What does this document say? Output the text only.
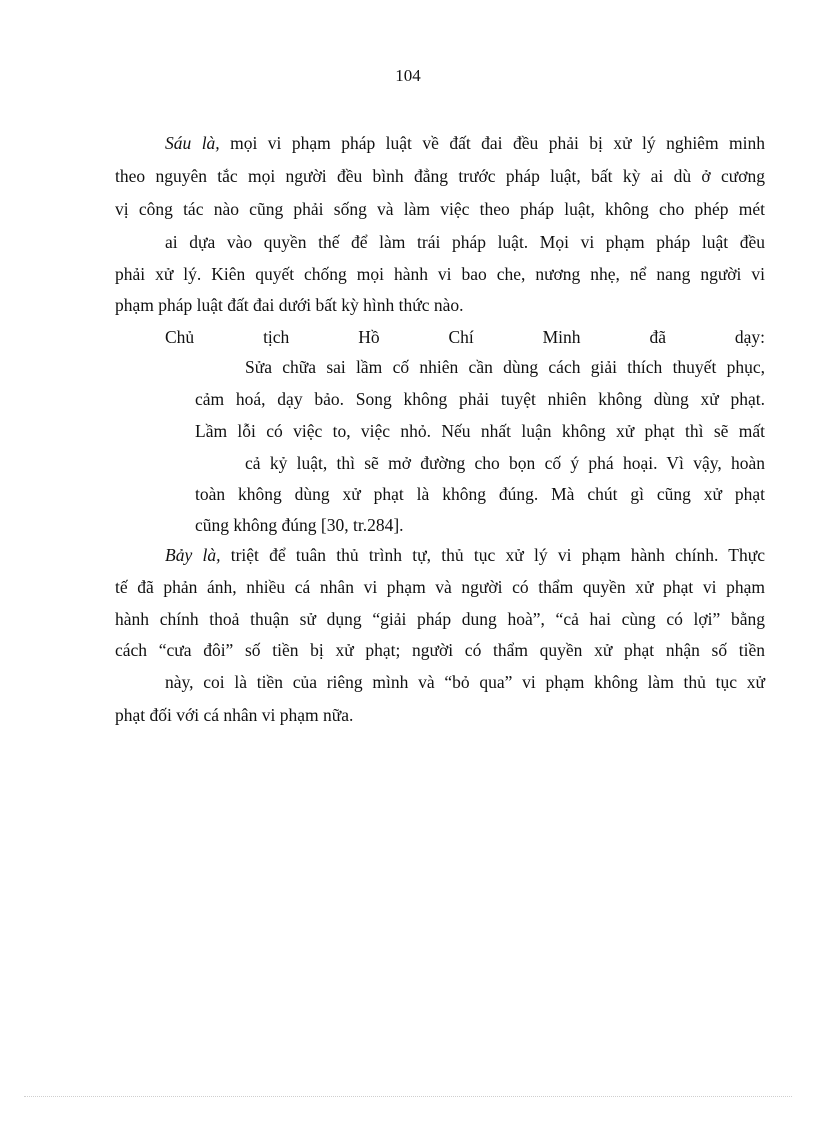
104
Sáu là, mọi vi phạm pháp luật về đất đai đều phải bị xử lý nghiêm minh
theo nguyên tắc mọi người đều bình đẳng trước pháp luật, bất kỳ ai dù ở cương
vị công tác nào cũng phải sống và làm việc theo pháp luật, không cho phép mét
ai dựa vào quyền thế để làm trái pháp luật. Mọi vi phạm pháp luật đều
phải xử lý. Kiên quyết chống mọi hành vi bao che, nương nhẹ, nể nang người vi
phạm pháp luật đất đai dưới bất kỳ hình thức nào.
Chủ	tịch	Hồ	Chí	Minh	đã	dạy:
Sửa chữa sai lầm cố nhiên cần dùng cách giải thích thuyết phục,
cảm hoá, dạy bảo. Song không phải tuyệt nhiên không dùng xử phạt.
Lầm lỗi có việc to, việc nhỏ. Nếu nhất luận không xử phạt thì sẽ mất
cả kỷ luật, thì sẽ mở đường cho bọn cố ý phá hoại. Vì vậy, hoàn
toàn không dùng xử phạt là không đúng. Mà chút gì cũng xử phạt
cũng không đúng [30, tr.284].
Bảy là, triệt để tuân thủ trình tự, thủ tục xử lý vi phạm hành chính. Thực
tế đã phản ánh, nhiều cá nhân vi phạm và người có thẩm quyền xử phạt vi phạm
hành chính thoả thuận sử dụng “giải pháp dung hoà”, “cả hai cùng có lợi” bằng
cách “cưa đôi” số tiền bị xử phạt; người có thẩm quyền xử phạt nhận số tiền
này, coi là tiền của riêng mình và “bỏ qua” vi phạm không làm thủ tục xử
phạt đối với cá nhân vi phạm nữa.
